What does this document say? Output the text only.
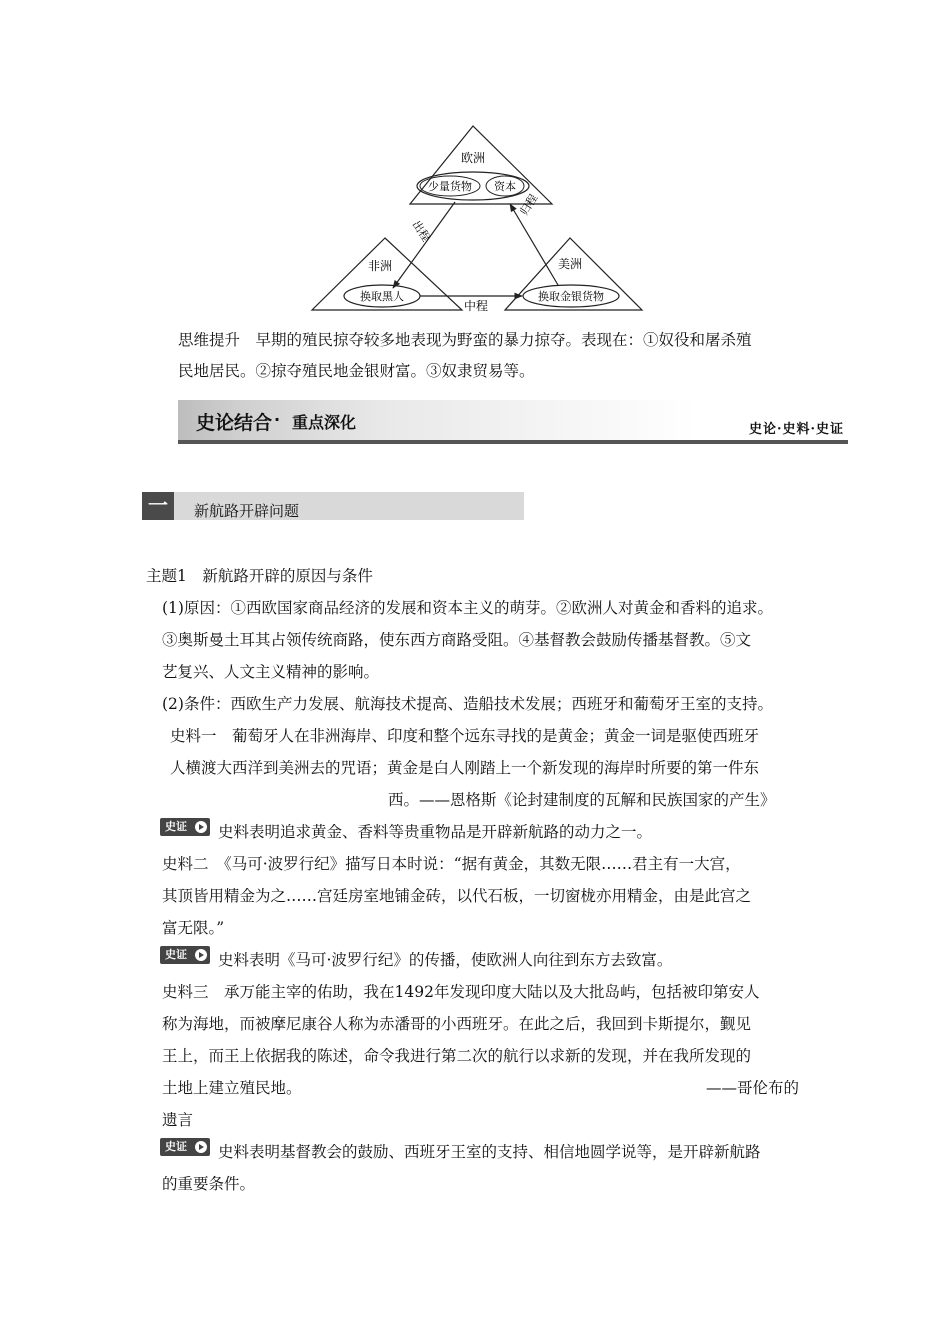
欧洲
少量货物 资本
非洲
换取黑人
美洲
换取金银货物
出程
中程
归程
思维提升　早期的殖民掠夺较多地表现为野蛮的暴力掠夺。表现在：①奴役和屠杀殖
民地居民。②掠夺殖民地金银财富。③奴隶贸易等。
史论结合 · 重点深化	史论·史料·史证
一	新航路开辟问题
主题1　新航路开辟的原因与条件
(1)原因：①西欧国家商品经济的发展和资本主义的萌芽。②欧洲人对黄金和香料的追求。
③奥斯曼土耳其占领传统商路，使东西方商路受阻。④基督教会鼓励传播基督教。⑤文
艺复兴、人文主义精神的影响。
(2)条件：西欧生产力发展、航海技术提高、造船技术发展；西班牙和葡萄牙王室的支持。
史料一　葡萄牙人在非洲海岸、印度和整个远东寻找的是黄金；黄金一词是驱使西班牙
人横渡大西洋到美洲去的咒语；黄金是白人刚踏上一个新发现的海岸时所要的第一件东
西。——恩格斯《论封建制度的瓦解和民族国家的产生》
史证 史料表明追求黄金、香料等贵重物品是开辟新航路的动力之一。
史料二　《马可·波罗行纪》描写日本时说：“据有黄金，其数无限……君主有一大宫，
其顶皆用精金为之……宫廷房室地铺金砖，以代石板，一切窗栊亦用精金，由是此宫之
富无限。”
史证 史料表明《马可·波罗行纪》的传播，使欧洲人向往到东方去致富。
史料三　承万能主宰的佑助，我在1492年发现印度大陆以及大批岛屿，包括被印第安人
称为海地，而被摩尼康谷人称为赤潘哥的小西班牙。在此之后，我回到卡斯提尔，觐见
王上，而王上依据我的陈述，命令我进行第二次的航行以求新的发现，并在我所发现的
土地上建立殖民地。	——哥伦布的
遗言
史证 史料表明基督教会的鼓励、西班牙王室的支持、相信地圆学说等，是开辟新航路
的重要条件。
